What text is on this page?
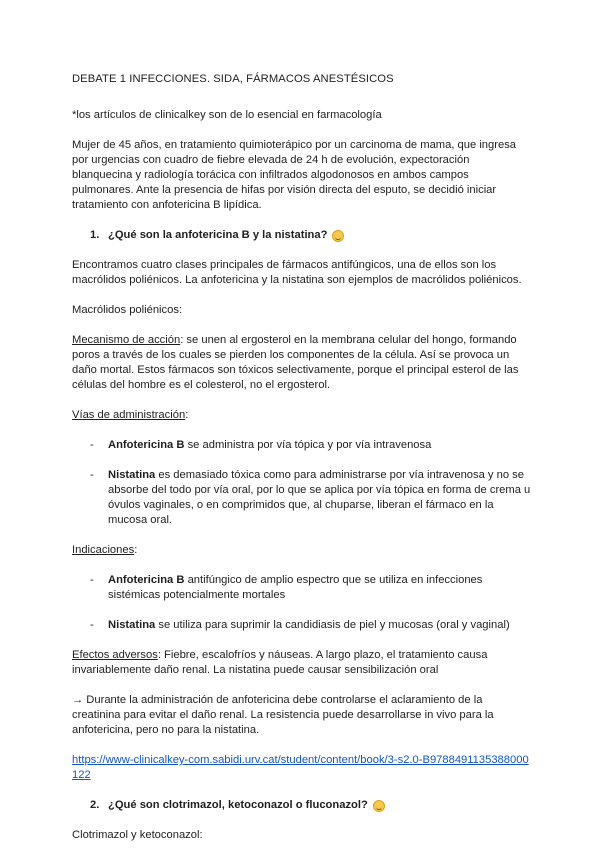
DEBATE 1 INFECCIONES. SIDA, FÁRMACOS ANESTÉSICOS

*los artículos de clinicalkey son de lo esencial en farmacología

Mujer de 45 años, en tratamiento quimioterápico por un carcinoma de mama, que ingresa por urgencias con cuadro de fiebre elevada de 24 h de evolución, expectoración blanquecina y radiología torácica con infiltrados algodonosos en ambos campos pulmonares. Ante la presencia de hifas por visión directa del esputo, se decidió iniciar tratamiento con anfotericina B lipídica.

1. ¿Qué son la anfotericina B y la nistatina?

Encontramos cuatro clases principales de fármacos antifúngicos, una de ellos son los macrólidos poliénicos. La anfotericina y la nistatina son ejemplos de macrólidos poliénicos.

Macrólidos poliénicos:

Mecanismo de acción: se unen al ergosterol en la membrana celular del hongo, formando poros a través de los cuales se pierden los componentes de la célula. Así se provoca un daño mortal. Estos fármacos son tóxicos selectivamente, porque el principal esterol de las células del hombre es el colesterol, no el ergosterol.

Vías de administración:

- Anfotericina B se administra por vía tópica y por vía intravenosa
- Nistatina es demasiado tóxica como para administrarse por vía intravenosa y no se absorbe del todo por vía oral, por lo que se aplica por vía tópica en forma de crema u óvulos vaginales, o en comprimidos que, al chuparse, liberan el fármaco en la mucosa oral.

Indicaciones:

- Anfotericina B antifúngico de amplio espectro que se utiliza en infecciones sistémicas potencialmente mortales
- Nistatina se utiliza para suprimir la candidiasis de piel y mucosas (oral y vaginal)

Efectos adversos: Fiebre, escalofríos y náuseas. A largo plazo, el tratamiento causa invariablemente daño renal. La nistatina puede causar sensibilización oral

→ Durante la administración de anfotericina debe controlarse el aclaramiento de la creatinina para evitar el daño renal. La resistencia puede desarrollarse in vivo para la anfotericina, pero no para la nistatina.

https://www-clinicalkey-com.sabidi.urv.cat/student/content/book/3-s2.0-B9788491135388000122

2. ¿Qué son clotrimazol, ketoconazol o fluconazol?

Clotrimazol y ketoconazol:
